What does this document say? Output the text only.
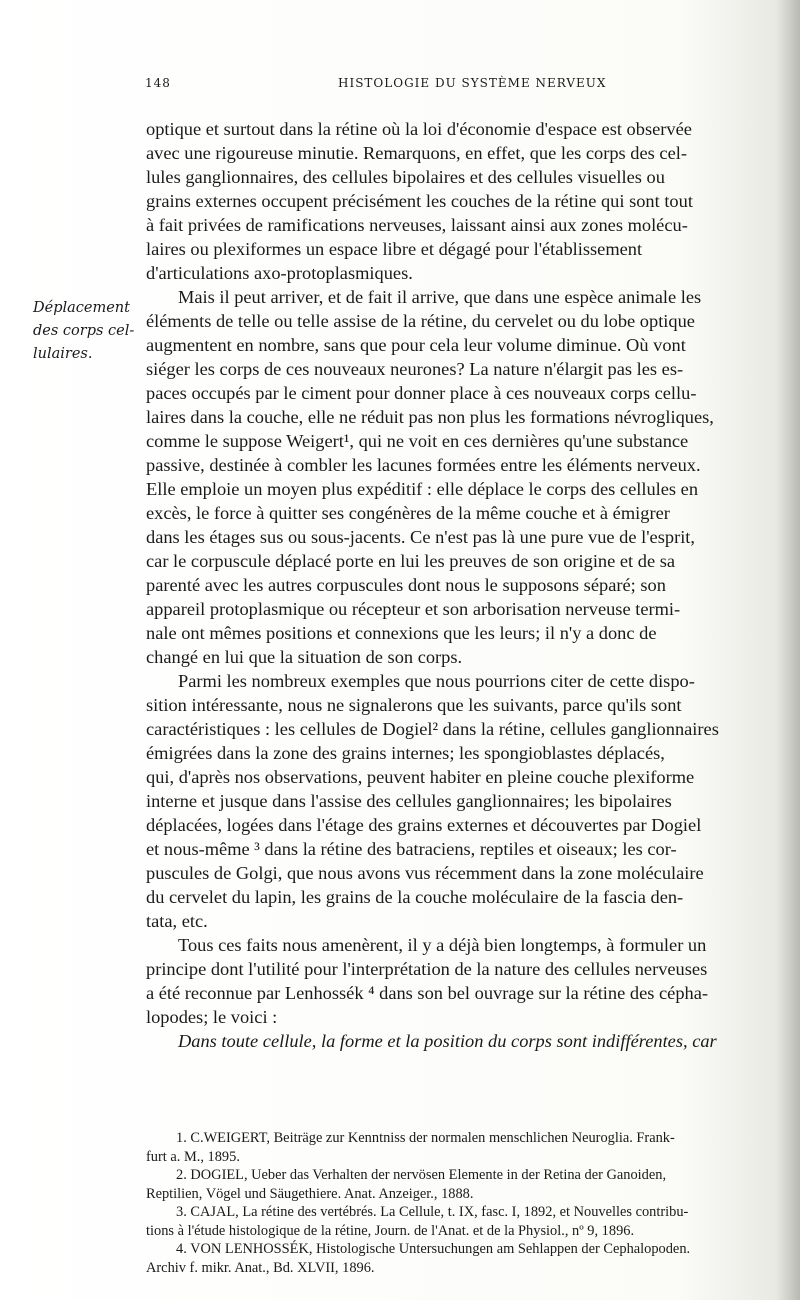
148	HISTOLOGIE DU SYSTÈME NERVEUX
Déplacement
des corps cel-
lulaires.
optique et surtout dans la rétine où la loi d'économie d'espace est observée
avec une rigoureuse minutie. Remarquons, en effet, que les corps des cel-
lules ganglionnaires, des cellules bipolaires et des cellules visuelles ou
grains externes occupent précisément les couches de la rétine qui sont tout
à fait privées de ramifications nerveuses, laissant ainsi aux zones molécu-
laires ou plexiformes un espace libre et dégagé pour l'établissement
d'articulations axo-protoplasmiques.
Mais il peut arriver, et de fait il arrive, que dans une espèce animale les
éléments de telle ou telle assise de la rétine, du cervelet ou du lobe optique
augmentent en nombre, sans que pour cela leur volume diminue. Où vont
siéger les corps de ces nouveaux neurones? La nature n'élargit pas les es-
paces occupés par le ciment pour donner place à ces nouveaux corps cellu-
laires dans la couche, elle ne réduit pas non plus les formations névrogliques,
comme le suppose Weigert¹, qui ne voit en ces dernières qu'une substance
passive, destinée à combler les lacunes formées entre les éléments nerveux.
Elle emploie un moyen plus expéditif : elle déplace le corps des cellules en
excès, le force à quitter ses congénères de la même couche et à émigrer
dans les étages sus ou sous-jacents. Ce n'est pas là une pure vue de l'esprit,
car le corpuscule déplacé porte en lui les preuves de son origine et de sa
parenté avec les autres corpuscules dont nous le supposons séparé; son
appareil protoplasmique ou récepteur et son arborisation nerveuse termi-
nale ont mêmes positions et connexions que les leurs; il n'y a donc de
changé en lui que la situation de son corps.
Parmi les nombreux exemples que nous pourrions citer de cette dispo-
sition intéressante, nous ne signalerons que les suivants, parce qu'ils sont
caractéristiques : les cellules de Dogiel² dans la rétine, cellules ganglionnaires
émigrées dans la zone des grains internes; les spongioblastes déplacés,
qui, d'après nos observations, peuvent habiter en pleine couche plexiforme
interne et jusque dans l'assise des cellules ganglionnaires; les bipolaires
déplacées, logées dans l'étage des grains externes et découvertes par Dogiel
et nous-même ³ dans la rétine des batraciens, reptiles et oiseaux; les cor-
puscules de Golgi, que nous avons vus récemment dans la zone moléculaire
du cervelet du lapin, les grains de la couche moléculaire de la fascia den-
tata, etc.
Tous ces faits nous amenèrent, il y a déjà bien longtemps, à formuler un
principe dont l'utilité pour l'interprétation de la nature des cellules nerveuses
a été reconnue par Lenhossék ⁴ dans son bel ouvrage sur la rétine des cépha-
lopodes; le voici :
Dans toute cellule, la forme et la position du corps sont indifférentes, car
1. C.WEIGERT, Beiträge zur Kenntniss der normalen menschlichen Neuroglia. Frank-
furt a. M., 1895.
2. DOGIEL, Ueber das Verhalten der nervösen Elemente in der Retina der Ganoiden,
Reptilien, Vögel und Säugethiere. Anat. Anzeiger., 1888.
3. CAJAL, La rétine des vertébrés. La Cellule, t. IX, fasc. I, 1892, et Nouvelles contribu-
tions à l'étude histologique de la rétine, Journ. de l'Anat. et de la Physiol., nº 9, 1896.
4. VON LENHOSSÉK, Histologische Untersuchungen am Sehlappen der Cephalopoden.
Archiv f. mikr. Anat., Bd. XLVII, 1896.
